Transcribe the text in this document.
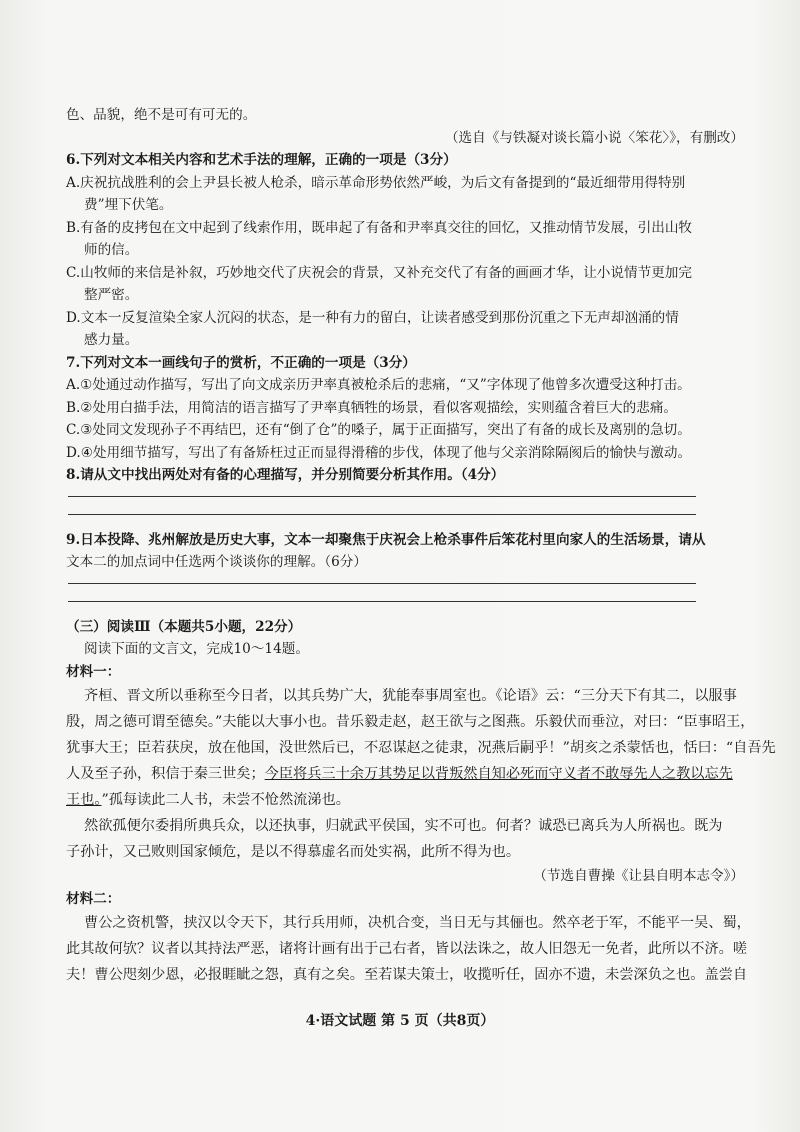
色、品貌，绝不是可有可无的。
（选自《与铁凝对谈长篇小说〈笨花〉》，有删改）
6.下列对文本相关内容和艺术手法的理解，正确的一项是（3分）
A.庆祝抗战胜利的会上尹县长被人枪杀，暗示革命形势依然严峻，为后文有备提到的“最近细带用得特别
费”埋下伏笔。
B.有备的皮拷包在文中起到了线索作用，既串起了有备和尹率真交往的回忆，又推动情节发展，引出山牧
师的信。
C.山牧师的来信是补叙，巧妙地交代了庆祝会的背景，又补充交代了有备的画画才华，让小说情节更加完
整严密。
D.文本一反复渲染全家人沉闷的状态，是一种有力的留白，让读者感受到那份沉重之下无声却汹涌的情
感力量。
7.下列对文本一画线句子的赏析，不正确的一项是（3分）
A.①处通过动作描写，写出了向文成亲历尹率真被枪杀后的悲痛，“又”字体现了他曾多次遭受这种打击。
B.②处用白描手法，用简洁的语言描写了尹率真牺牲的场景，看似客观描绘，实则蕴含着巨大的悲痛。
C.③处同文发现孙子不再结巴，还有“倒了仓”的嗓子，属于正面描写，突出了有备的成长及离别的急切。
D.④处用细节描写，写出了有备矫枉过正而显得滑稽的步伐，体现了他与父亲消除隔阂后的愉快与激动。
8.请从文中找出两处对有备的心理描写，并分别简要分析其作用。（4分）
9.日本投降、兆州解放是历史大事，文本一却聚焦于庆祝会上枪杀事件后笨花村里向家人的生活场景，请从
文本二的加点词中任选两个谈谈你的理解。（6分）
（三）阅读Ⅲ（本题共5小题，22分）
阅读下面的文言文，完成10～14题。
材料一：
齐桓、晋文所以垂称至今日者，以其兵势广大，犹能奉事周室也。《论语》云：“三分天下有其二，以服事
殷，周之德可谓至德矣。”夫能以大事小也。昔乐毅走赵，赵王欲与之图燕。乐毅伏而垂泣，对曰：“臣事昭王，
犹事大王；臣若获戾，放在他国，没世然后已，不忍谋赵之徒隶，况燕后嗣乎！”胡亥之杀蒙恬也，恬曰：“自吾先
人及至子孙，积信于秦三世矣；今臣将兵三十余万其势足以背叛然自知必死而守义者不敢辱先人之教以忘先
王也。”孤每读此二人书，未尝不怆然流涕也。
然欲孤便尔委捐所典兵众，以还执事，归就武平侯国，实不可也。何者？诚恐已离兵为人所祸也。既为
子孙计，又己败则国家倾危，是以不得慕虚名而处实祸，此所不得为也。
（节选自曹操《让县自明本志令》）
材料二：
曹公之资机警，挟汉以令天下，其行兵用师，决机合变，当日无与其俪也。然卒老于军，不能平一吴、蜀，
此其故何欤？议者以其持法严恶，诸将计画有出于己右者，皆以法诛之，故人旧怨无一免者，此所以不济。嗟
夫！曹公咫刻少恩，必报睚眦之怨，真有之矣。至若谋夫策士，收揽听任，固亦不遗，未尝深负之也。盖尝自
4·语文试题 第 5 页（共8页）
